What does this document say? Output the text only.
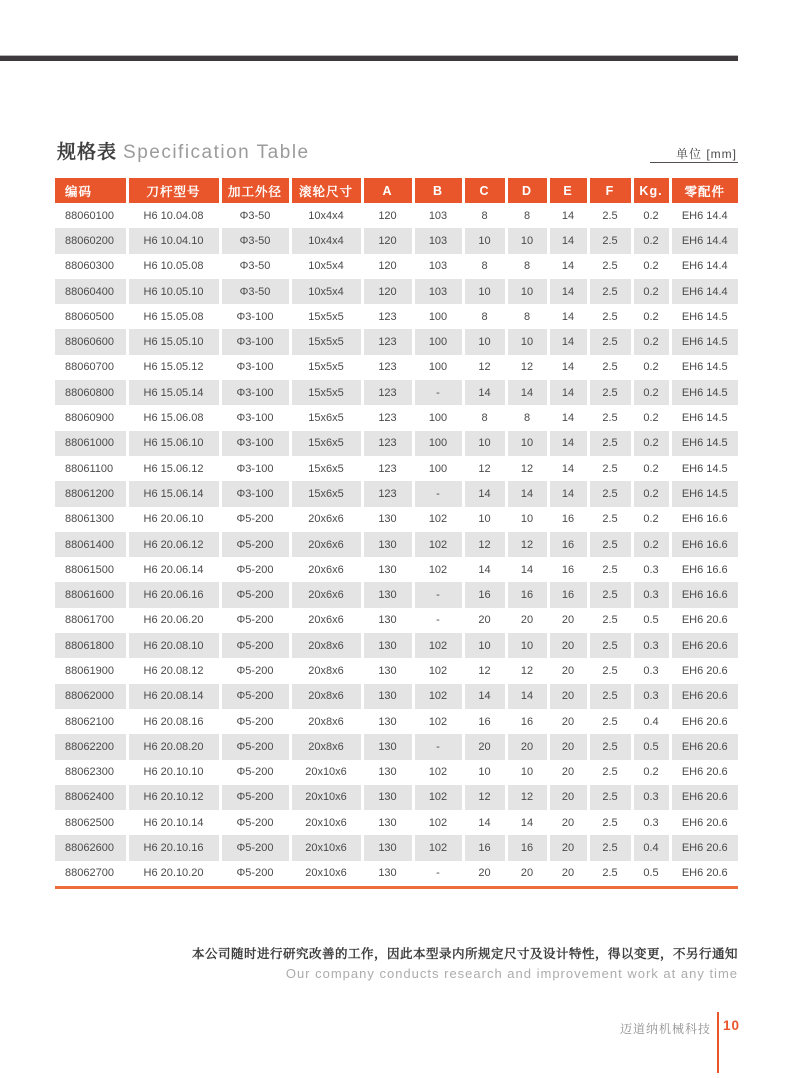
规格表 Specification Table	单位 [mm]
编码	刀杆型号	加工外径	滚轮尺寸	A	B	C	D	E	F	Kg.	零配件
88060100	H6 10.04.08	Φ3-50	10x4x4	120	103	8	8	14	2.5	0.2	EH6 14.4
88060200	H6 10.04.10	Φ3-50	10x4x4	120	103	10	10	14	2.5	0.2	EH6 14.4
88060300	H6 10.05.08	Φ3-50	10x5x4	120	103	8	8	14	2.5	0.2	EH6 14.4
88060400	H6 10.05.10	Φ3-50	10x5x4	120	103	10	10	14	2.5	0.2	EH6 14.4
88060500	H6 15.05.08	Φ3-100	15x5x5	123	100	8	8	14	2.5	0.2	EH6 14.5
88060600	H6 15.05.10	Φ3-100	15x5x5	123	100	10	10	14	2.5	0.2	EH6 14.5
88060700	H6 15.05.12	Φ3-100	15x5x5	123	100	12	12	14	2.5	0.2	EH6 14.5
88060800	H6 15.05.14	Φ3-100	15x5x5	123	-	14	14	14	2.5	0.2	EH6 14.5
88060900	H6 15.06.08	Φ3-100	15x6x5	123	100	8	8	14	2.5	0.2	EH6 14.5
88061000	H6 15.06.10	Φ3-100	15x6x5	123	100	10	10	14	2.5	0.2	EH6 14.5
88061100	H6 15.06.12	Φ3-100	15x6x5	123	100	12	12	14	2.5	0.2	EH6 14.5
88061200	H6 15.06.14	Φ3-100	15x6x5	123	-	14	14	14	2.5	0.2	EH6 14.5
88061300	H6 20.06.10	Φ5-200	20x6x6	130	102	10	10	16	2.5	0.2	EH6 16.6
88061400	H6 20.06.12	Φ5-200	20x6x6	130	102	12	12	16	2.5	0.2	EH6 16.6
88061500	H6 20.06.14	Φ5-200	20x6x6	130	102	14	14	16	2.5	0.3	EH6 16.6
88061600	H6 20.06.16	Φ5-200	20x6x6	130	-	16	16	16	2.5	0.3	EH6 16.6
88061700	H6 20.06.20	Φ5-200	20x6x6	130	-	20	20	20	2.5	0.5	EH6 20.6
88061800	H6 20.08.10	Φ5-200	20x8x6	130	102	10	10	20	2.5	0.3	EH6 20.6
88061900	H6 20.08.12	Φ5-200	20x8x6	130	102	12	12	20	2.5	0.3	EH6 20.6
88062000	H6 20.08.14	Φ5-200	20x8x6	130	102	14	14	20	2.5	0.3	EH6 20.6
88062100	H6 20.08.16	Φ5-200	20x8x6	130	102	16	16	20	2.5	0.4	EH6 20.6
88062200	H6 20.08.20	Φ5-200	20x8x6	130	-	20	20	20	2.5	0.5	EH6 20.6
88062300	H6 20.10.10	Φ5-200	20x10x6	130	102	10	10	20	2.5	0.2	EH6 20.6
88062400	H6 20.10.12	Φ5-200	20x10x6	130	102	12	12	20	2.5	0.3	EH6 20.6
88062500	H6 20.10.14	Φ5-200	20x10x6	130	102	14	14	20	2.5	0.3	EH6 20.6
88062600	H6 20.10.16	Φ5-200	20x10x6	130	102	16	16	20	2.5	0.4	EH6 20.6
88062700	H6 20.10.20	Φ5-200	20x10x6	130	-	20	20	20	2.5	0.5	EH6 20.6
本公司随时进行研究改善的工作，因此本型录内所规定尺寸及设计特性，得以变更，不另行通知
Our company conducts research and improvement work at any time
迈道纳机械科技 10
